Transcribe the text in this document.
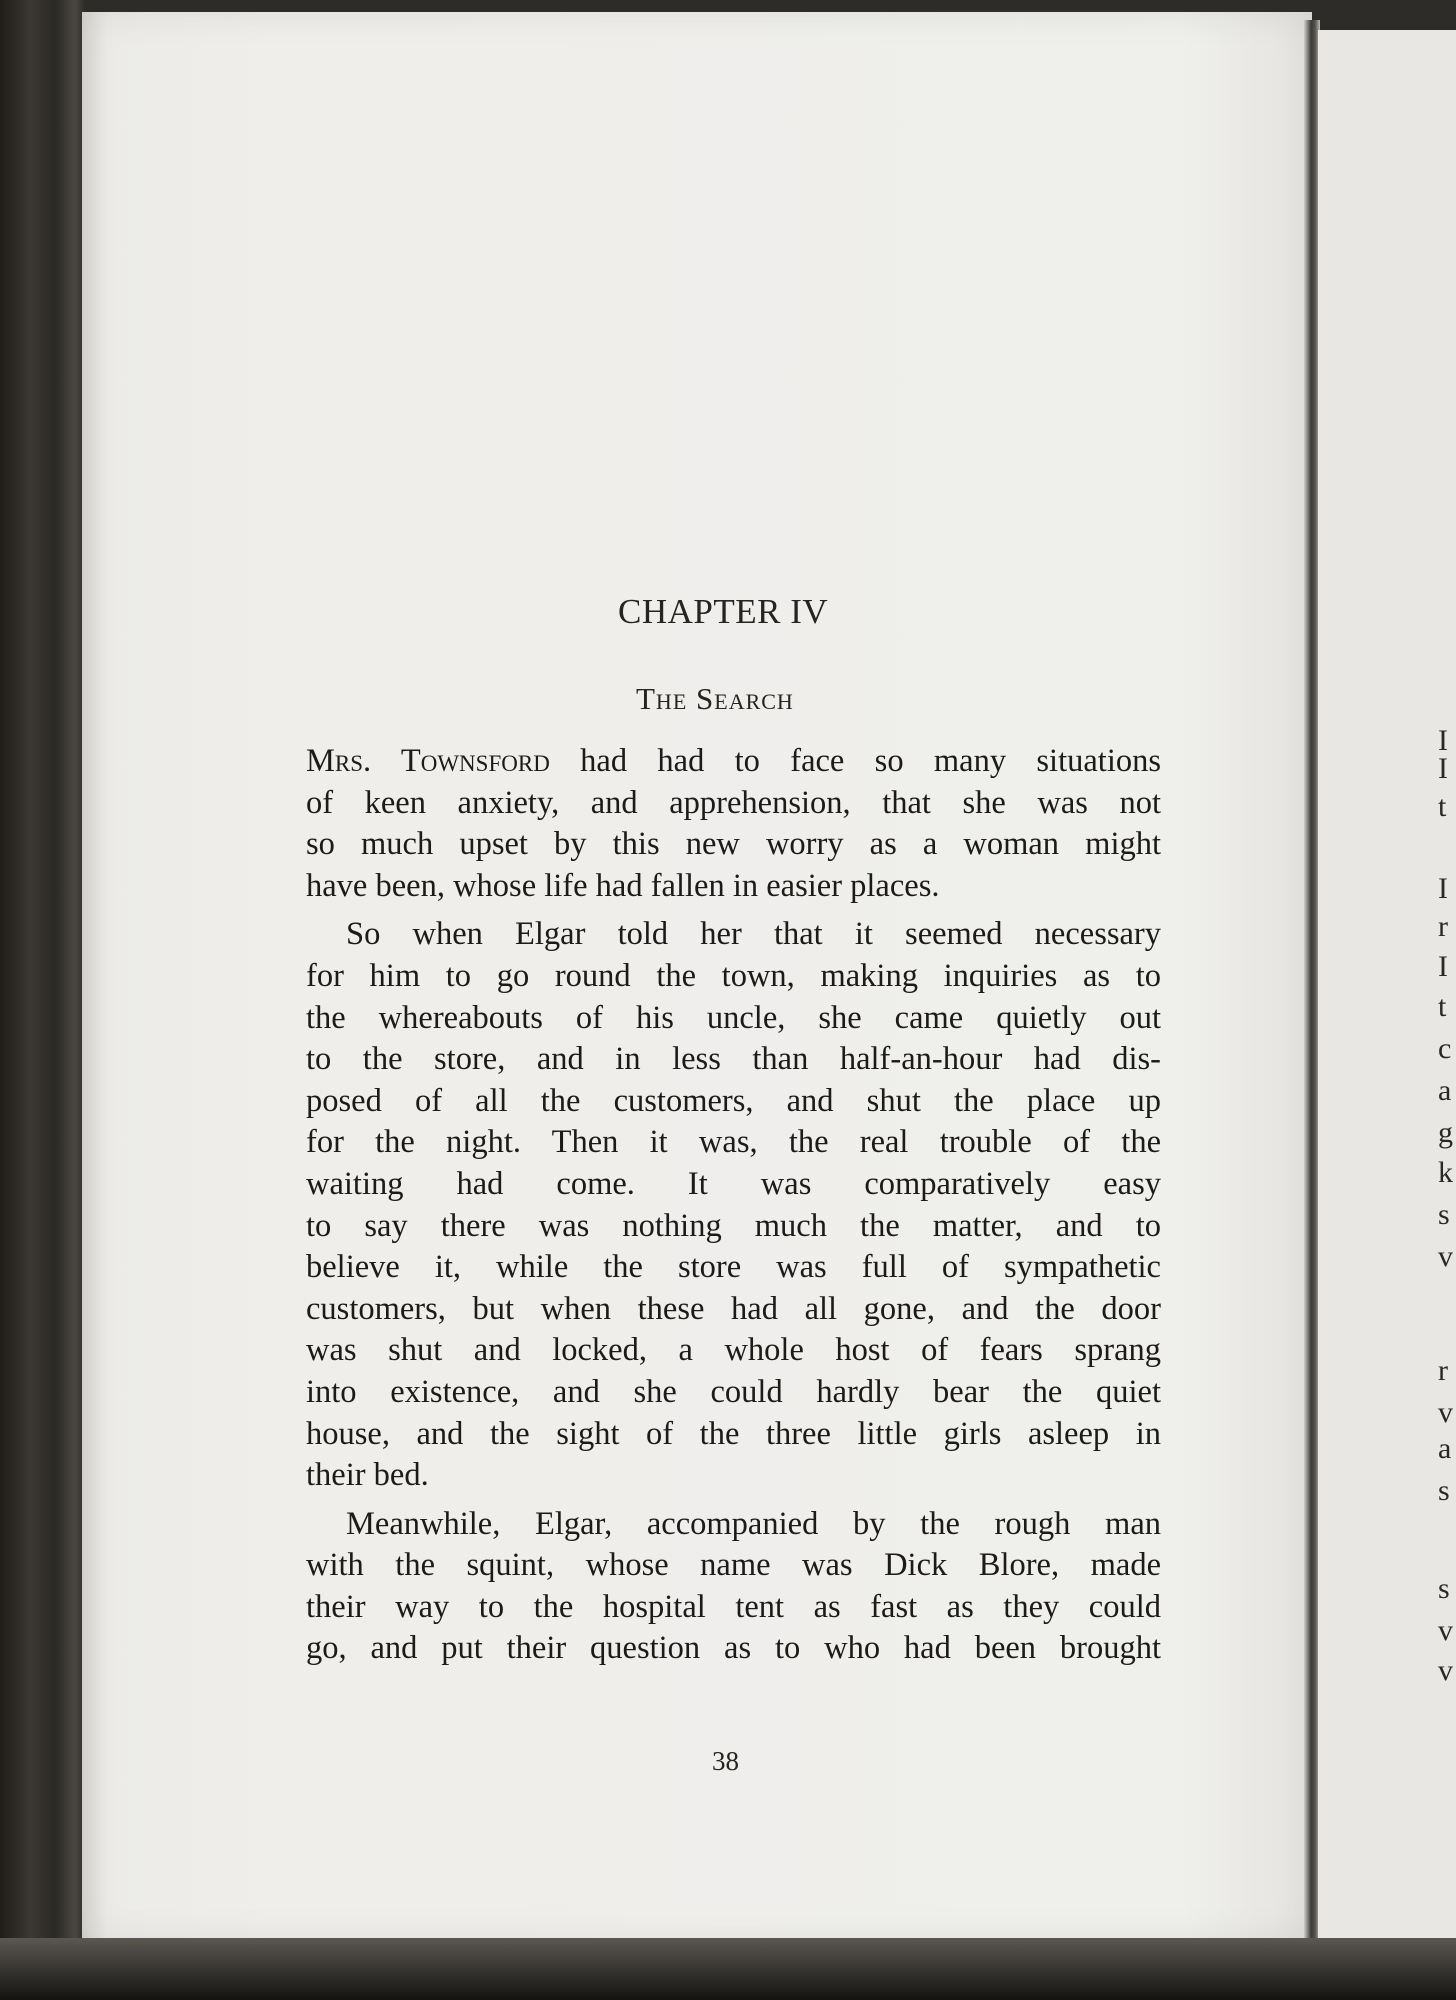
CHAPTER IV
The Search

Mrs. Townsford had had to face so many situations
of keen anxiety, and apprehension, that she was not
so much upset by this new worry as a woman might
have been, whose life had fallen in easier places.

So when Elgar told her that it seemed necessary
for him to go round the town, making inquiries as to
the whereabouts of his uncle, she came quietly out
to the store, and in less than half-an-hour had dis-
posed of all the customers, and shut the place up
for the night. Then it was, the real trouble of the
waiting had come. It was comparatively easy
to say there was nothing much the matter, and to
believe it, while the store was full of sympathetic
customers, but when these had all gone, and the door
was shut and locked, a whole host of fears sprang
into existence, and she could hardly bear the quiet
house, and the sight of the three little girls asleep in
their bed.

Meanwhile, Elgar, accompanied by the rough man
with the squint, whose name was Dick Blore, made
their way to the hospital tent as fast as they could
go, and put their question as to who had been brought

38
I
I
t
I
r
I
t
c
a
g
k
s
v
r
v
a
s
s
v
v
